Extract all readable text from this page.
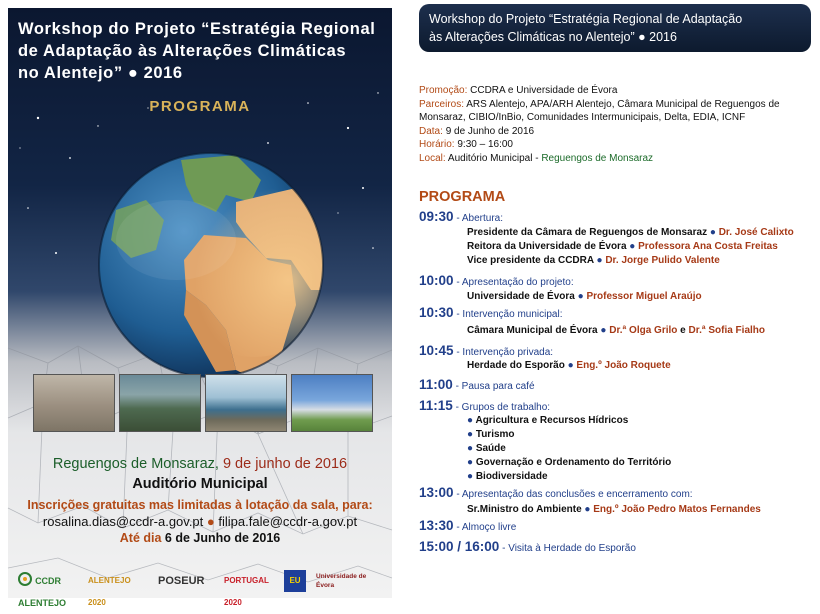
Workshop do Projeto “Estratégia Regional
de Adaptação às Alterações Climáticas
no Alentejo” ● 2016
PROGRAMA
Reguengos de Monsaraz, 9 de junho de 2016
Auditório Municipal
Inscrições gratuitas mas limitadas à lotação da sala, para:
rosalina.dias@ccdr-a.gov.pt ● filipa.fale@ccdr-a.gov.pt
Até dia 6 de Junho de 2016
CCDR ALENTEJO
ALENTEJO 2020
POSEUR	PORTUGAL 2020
EU	Universidade de Évora
Workshop do Projeto “Estratégia Regional de Adaptação
às Alterações Climáticas no Alentejo” ● 2016
Promoção: CCDRA e Universidade de Évora
Parceiros: ARS Alentejo, APA/ARH Alentejo, Câmara Municipal de Reguengos de
Monsaraz, CIBIO/InBio, Comunidades Intermunicipais, Delta, EDIA, ICNF
Data: 9 de Junho de 2016
Horário: 9:30 – 16:00
Local: Auditório Municipal - Reguengos de Monsaraz
PROGRAMA
09:30 - Abertura:
Presidente da Câmara de Reguengos de Monsaraz ● Dr. José Calixto
Reitora da Universidade de Évora ● Professora Ana Costa Freitas
Vice presidente da CCDRA ● Dr. Jorge Pulido Valente
10:00 - Apresentação do projeto:
Universidade de Évora ● Professor Miguel Araújo
10:30 - Intervenção municipal:
Câmara Municipal de Évora ● Dr.ª Olga Grilo e Dr.ª Sofia Fialho
10:45 - Intervenção privada:
Herdade do Esporão ● Eng.º João Roquete
11:00 - Pausa para café
11:15 - Grupos de trabalho:
● Agricultura e Recursos Hídricos
● Turismo
● Saúde
● Governação e Ordenamento do Território
● Biodiversidade
13:00 - Apresentação das conclusões e encerramento com:
Sr.Ministro do Ambiente ● Eng.º João Pedro Matos Fernandes
13:30 - Almoço livre
15:00 / 16:00 - Visita à Herdade do Esporão
